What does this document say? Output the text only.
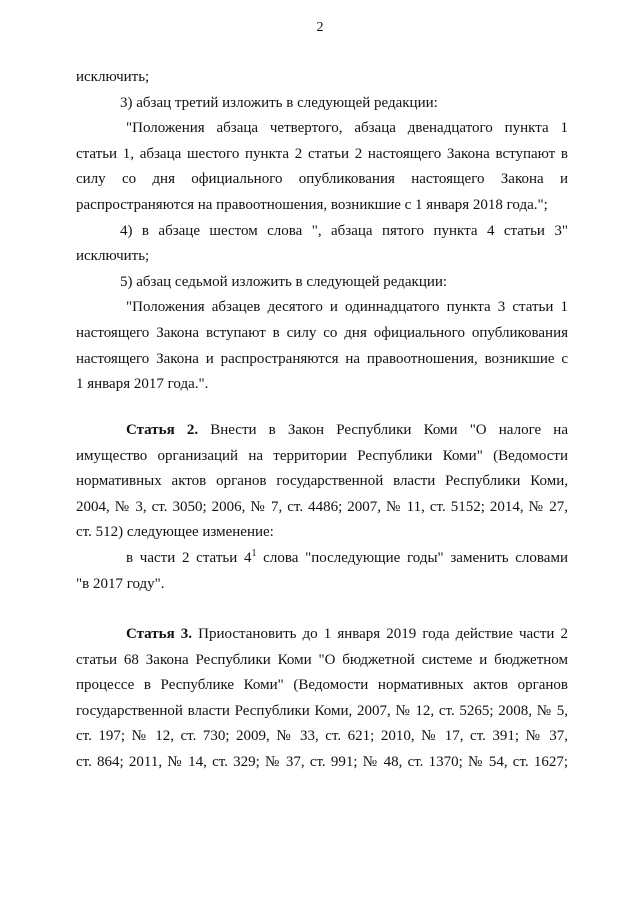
2
исключить;
3) абзац третий изложить в следующей редакции:
"Положения абзаца четвертого, абзаца двенадцатого пункта 1
статьи 1, абзаца шестого пункта 2 статьи 2 настоящего Закона вступают в
силу со дня официального опубликования настоящего Закона и
распространяются на правоотношения, возникшие с 1 января 2018 года.";
4) в абзаце шестом слова ", абзаца пятого пункта 4 статьи 3"
исключить;
5) абзац седьмой изложить в следующей редакции:
"Положения абзацев десятого и одиннадцатого пункта 3 статьи 1
настоящего Закона вступают в силу со дня официального опубликования
настоящего Закона и распространяются на правоотношения, возникшие с
1 января 2017 года.".
Статья 2. Внести в Закон Республики Коми "О налоге на
имущество организаций на территории Республики Коми" (Ведомости
нормативных актов органов государственной власти Республики Коми,
2004, № 3, ст. 3050; 2006, № 7, ст. 4486; 2007, № 11, ст. 5152; 2014, № 27,
ст. 512) следующее изменение:
в части 2 статьи $4^1$ слова "последующие годы" заменить словами
"в 2017 году".
Статья 3. Приостановить до 1 января 2019 года действие части 2
статьи 68 Закона Республики Коми "О бюджетной системе и бюджетном
процессе в Республике Коми" (Ведомости нормативных актов органов
государственной власти Республики Коми, 2007, № 12, ст. 5265; 2008, № 5,
ст. 197; № 12, ст. 730; 2009, № 33, ст. 621; 2010, № 17, ст. 391; № 37,
ст. 864; 2011, № 14, ст. 329; № 37, ст. 991; № 48, ст. 1370; № 54, ст. 1627;
